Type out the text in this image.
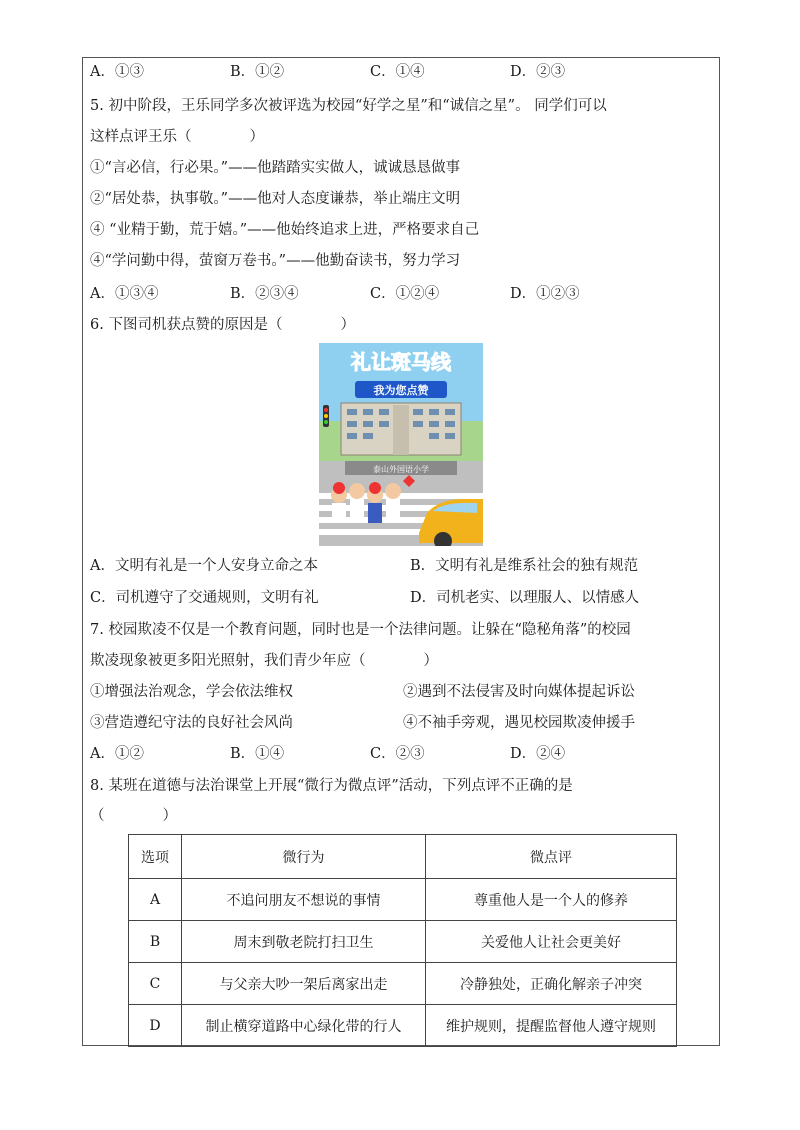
A．①③	B．①②	C．①④	D．②③
5. 初中阶段，王乐同学多次被评选为校园“好学之星”和“诚信之星”。 同学们可以
这样点评王乐（　　　　）
①“言必信，行必果。”——他踏踏实实做人，诚诚恳恳做事
②“居处恭，执事敬。”——他对人态度谦恭，举止端庄文明
④ “业精于勤，荒于嬉。”——他始终追求上进，严格要求自己
④“学问勤中得，萤窗万卷书。”——他勤奋读书，努力学习
A．①③④	B．②③④	C．①②④	D．①②③
6. 下图司机获点赞的原因是（　　　　）
礼让斑马线
我为您点赞
泰山外国语小学
A．文明有礼是一个人安身立命之本	B．文明有礼是维系社会的独有规范
C．司机遵守了交通规则，文明有礼	D．司机老实、以理服人、以情感人
7. 校园欺凌不仅是一个教育问题，同时也是一个法律问题。让躲在“隐秘角落”的校园
欺凌现象被更多阳光照射，我们青少年应（　　　　）
①增强法治观念，学会依法维权	②遇到不法侵害及时向媒体提起诉讼
③营造遵纪守法的良好社会风尚	④不袖手旁观，遇见校园欺凌伸援手
A．①②	B．①④	C．②③	D．②④
8. 某班在道德与法治课堂上开展“微行为微点评”活动，下列点评不正确的是
（　　　　）
选项	微行为	微点评
A	不追问朋友不想说的事情	尊重他人是一个人的修养
B	周末到敬老院打扫卫生	关爱他人让社会更美好
C	与父亲大吵一架后离家出走	冷静独处，正确化解亲子冲突
D	制止横穿道路中心绿化带的行人	维护规则，提醒监督他人遵守规则
